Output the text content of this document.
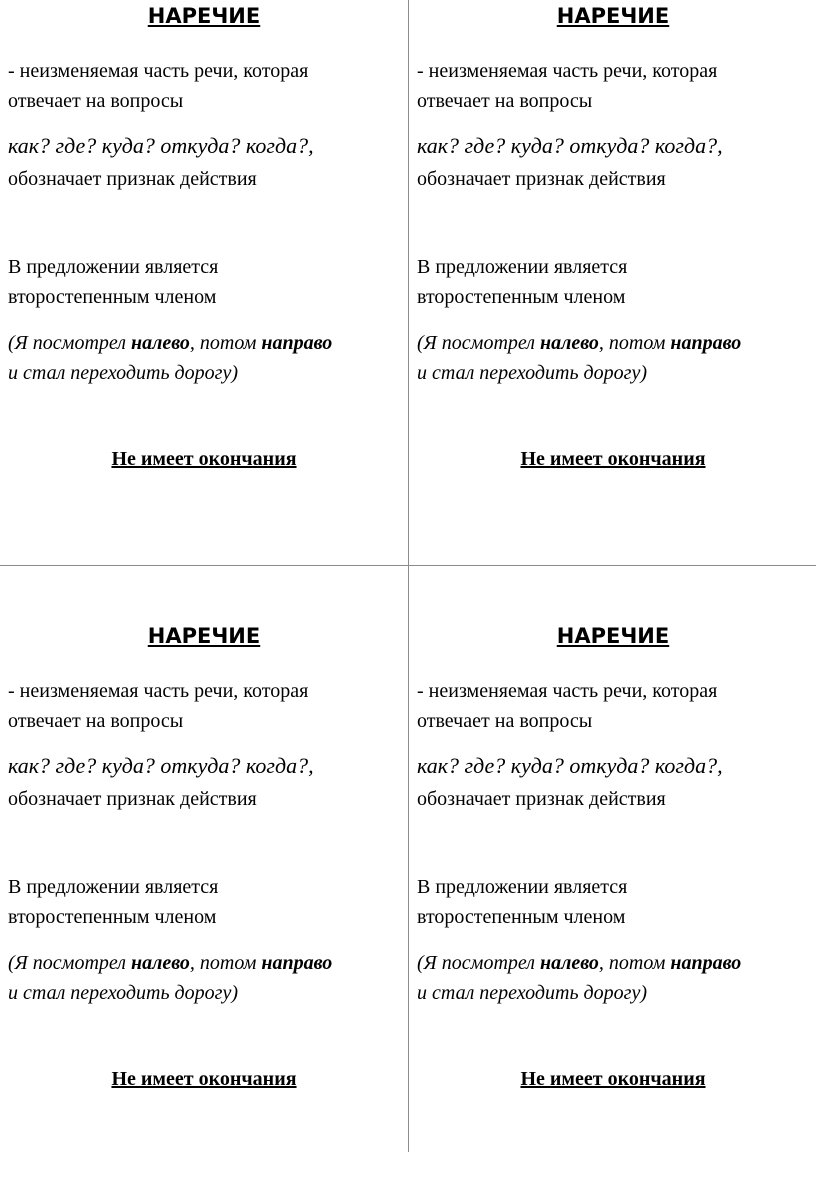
НАРЕЧИЕ

- неизменяемая часть речи, которая
отвечает на вопросы

как? где? куда? откуда? когда?,

обозначает признак действия

В предложении является
второстепенным членом

(Я посмотрел налево, потом направо
и стал переходить дорогу)

Не имеет окончания

НАРЕЧИЕ

- неизменяемая часть речи, которая
отвечает на вопросы

как? где? куда? откуда? когда?,

обозначает признак действия

В предложении является
второстепенным членом

(Я посмотрел налево, потом направо
и стал переходить дорогу)

Не имеет окончания

НАРЕЧИЕ

- неизменяемая часть речи, которая
отвечает на вопросы

как? где? куда? откуда? когда?,

обозначает признак действия

В предложении является
второстепенным членом

(Я посмотрел налево, потом направо
и стал переходить дорогу)

Не имеет окончания

НАРЕЧИЕ

- неизменяемая часть речи, которая
отвечает на вопросы

как? где? куда? откуда? когда?,

обозначает признак действия

В предложении является
второстепенным членом

(Я посмотрел налево, потом направо
и стал переходить дорогу)

Не имеет окончания
